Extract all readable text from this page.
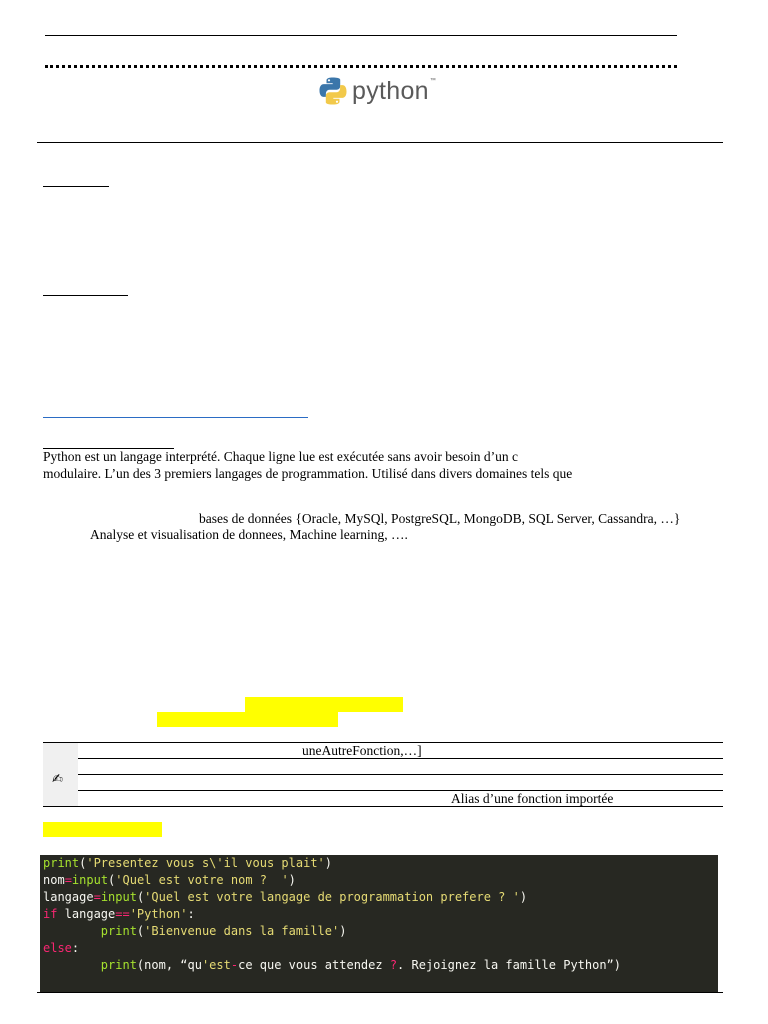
python ™
Python est un langage interprété. Chaque ligne lue est exécutée sans avoir besoin d’un c
modulaire. L’un des 3 premiers langages de programmation. Utilisé dans divers domaines tels que
bases de données {Oracle, MySQl, PostgreSQL, MongoDB, SQL Server, Cassandra, …}
Analyse et visualisation de donnees, Machine learning, ….
✍
uneAutreFonction,…]
Alias d’une fonction importée
print('Presentez vous s\'il vous plait')
nom=input('Quel est votre nom ?  ')
langage=input('Quel est votre langage de programmation prefere ? ')
if langage=='Python':
print('Bienvenue dans la famille')
else:
print(nom, “qu'est-ce que vous attendez ?. Rejoignez la famille Python”)
